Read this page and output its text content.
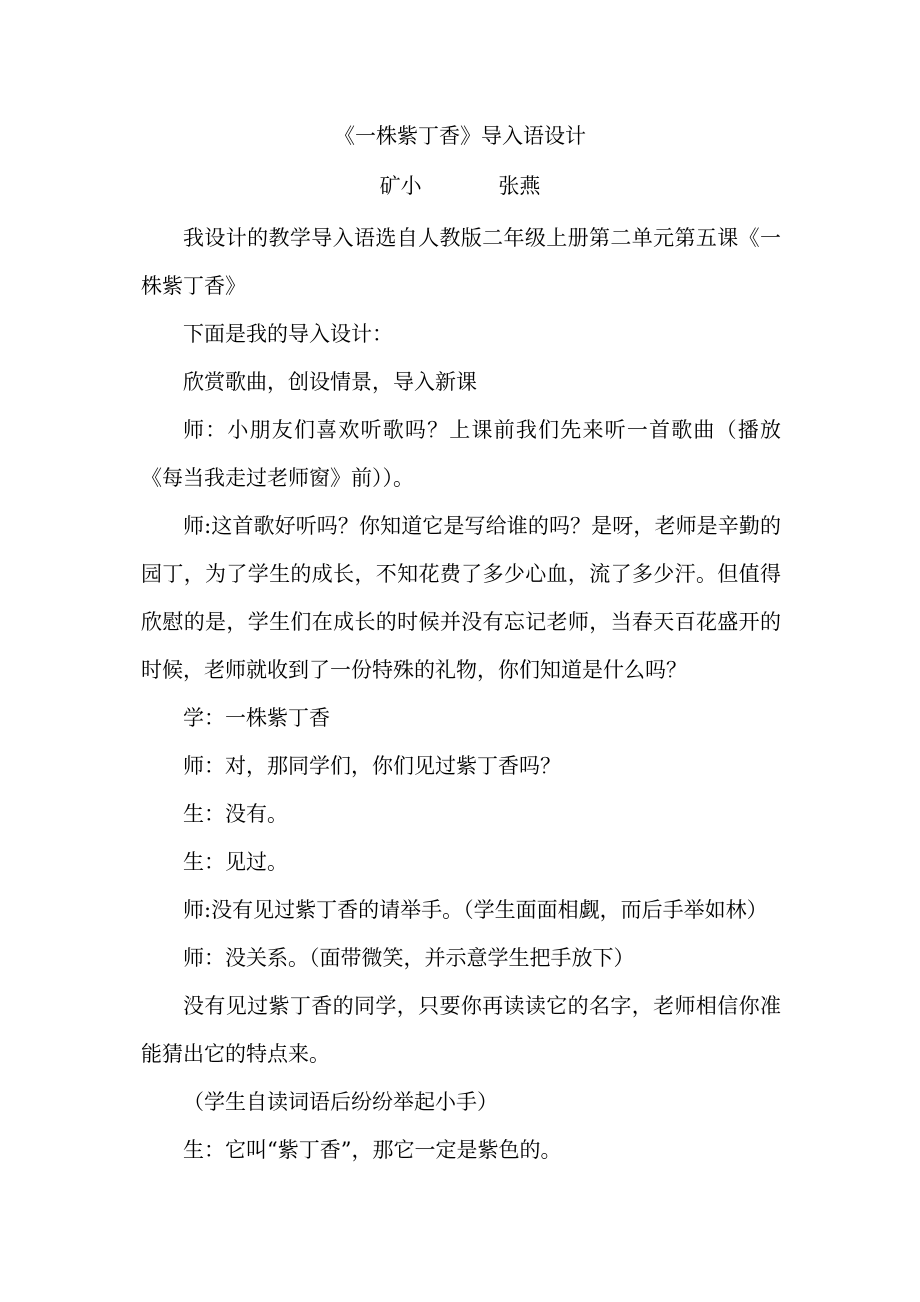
《一株紫丁香》导入语设计
矿小	张燕

我设计的教学导入语选自人教版二年级上册第二单元第五课《一株紫丁香》

下面是我的导入设计：

欣赏歌曲，创设情景，导入新课

师：小朋友们喜欢听歌吗？上课前我们先来听一首歌曲（播放《每当我走过老师窗》前））。

师:这首歌好听吗？你知道它是写给谁的吗？是呀，老师是辛勤的园丁，为了学生的成长，不知花费了多少心血，流了多少汗。但值得欣慰的是，学生们在成长的时候并没有忘记老师，当春天百花盛开的时候，老师就收到了一份特殊的礼物，你们知道是什么吗？

学：一株紫丁香

师：对，那同学们，你们见过紫丁香吗？

生：没有。

生：见过。

师:没有见过紫丁香的请举手。（学生面面相觑，而后手举如林）

师：没关系。（面带微笑，并示意学生把手放下）

没有见过紫丁香的同学，只要你再读读它的名字，老师相信你准能猜出它的特点来。

（学生自读词语后纷纷举起小手）

生：它叫“紫丁香”，那它一定是紫色的。
